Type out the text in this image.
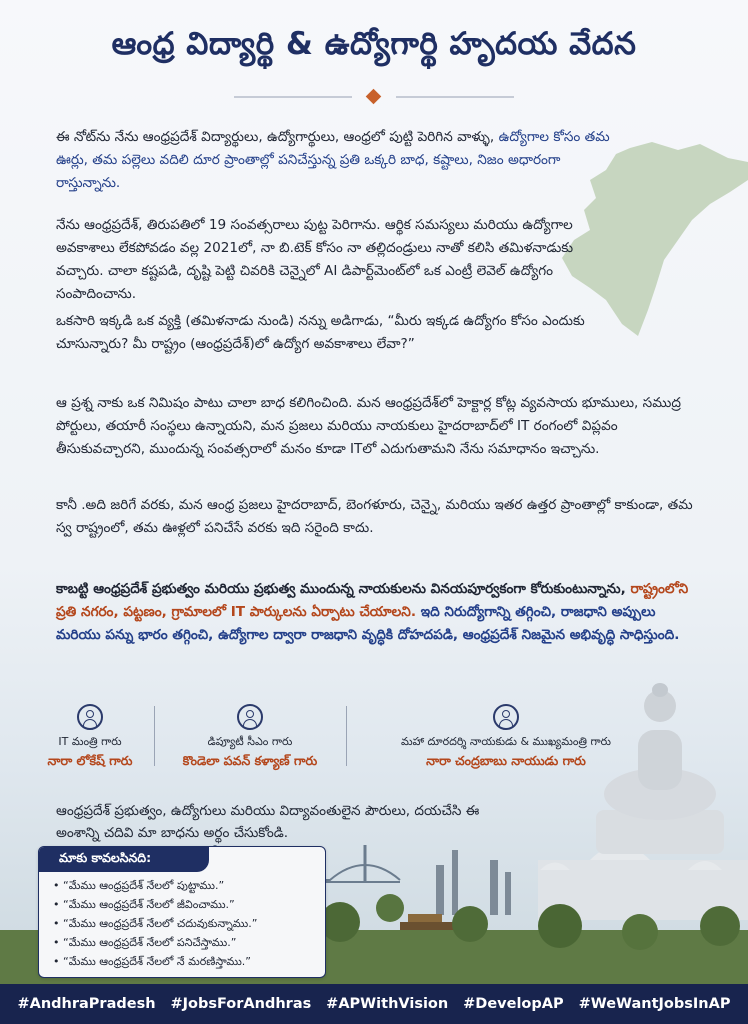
ఆంధ్ర విద్యార్థి & ఉద్యోగార్థి హృదయ వేదన

ఈ నోట్‌ను నేను ఆంధ్రప్రదేశ్ విద్యార్థులు, ఉద్యోగార్థులు, ఆంధ్రలో పుట్టి పెరిగిన వాళ్ళు, ఉద్యోగాల కోసం తమ ఊర్లు, తమ పల్లెలు వదిలి దూర ప్రాంతాల్లో పనిచేస్తున్న ప్రతి ఒక్కరి బాధ, కష్టాలు, నిజం అధారంగా రాస్తున్నాను.

నేను ఆంధ్రప్రదేశ్, తిరుపతిలో 19 సంవత్సరాలు పుట్ట పెరిగాను. ఆర్థిక సమస్యలు మరియు ఉద్యోగాల అవకాశాలు లేకపోవడం వల్ల 2021లో, నా బి.టెక్ కోసం నా తల్లిదండ్రులు నాతో కలిసి తమిళనాడుకు వచ్చారు. చాలా కష్టపడి, దృష్టి పెట్టి చివరికి చెన్నైలో AI డిపార్ట్‌మెంట్‌లో ఒక ఎంట్రీ లెవెల్ ఉద్యోగం సంపాదించాను.

ఒకసారి ఇక్కడి ఒక వ్యక్తి (తమిళనాడు నుండి) నన్ను అడిగాడు, “మీరు ఇక్కడ ఉద్యోగం కోసం ఎందుకు చూసున్నారు? మీ రాష్ట్రం (ఆంధ్రప్రదేశ్)లో ఉద్యోగ అవకాశాలు లేవా?”

ఆ ప్రశ్న నాకు ఒక నిమిషం పాటు చాలా బాధ కలిగించింది. మన ఆంధ్రప్రదేశ్‌లో హెక్టార్ల కోట్ల వ్యవసాయ భూములు, సముద్ర పోర్టులు, తయారీ సంస్థలు ఉన్నాయని, మన ప్రజలు మరియు నాయకులు హైదరాబాద్‌లో IT రంగంలో విప్లవం తీసుకువచ్చారని, ముందున్న సంవత్సరాలో మనం కూడా ITలో ఎదుగుతామని నేను సమాధానం ఇచ్చాను.

కానీ .అది జరిగే వరకు, మన ఆంధ్ర ప్రజలు హైదరాబాద్, బెంగళూరు, చెన్నై, మరియు ఇతర ఉత్తర ప్రాంతాల్లో కాకుండా, తమ స్వ రాష్ట్రంలో, తమ ఊళ్లలో పనిచేసే వరకు ఇది సరైంది కాదు.

కాబట్టి ఆంధ్రప్రదేశ్ ప్రభుత్వం మరియు ప్రభుత్వ ముందున్న నాయకులను వినయపూర్వకంగా కోరుకుంటున్నాను, రాష్ట్రంలోని ప్రతి నగరం, పట్టణం, గ్రామాలలో IT పార్కులను ఏర్పాటు చేయాలని. ఇది నిరుద్యోగాన్ని తగ్గించి, రాజధాని అప్పులు మరియు పన్ను భారం తగ్గించి, ఉద్యోగాల ద్వారా రాజధాని వృద్ధికి దోహదపడి, ఆంధ్రప్రదేశ్ నిజమైన అభివృద్ధి సాధిస్తుంది.

IT మంత్రి గారు
నారా లోకేష్ గారు
డిప్యూటీ సీఎం గారు
కొండెలా పవన్ కళ్యాణ్ గారు
మహా దూరదర్శి నాయకుడు & ముఖ్యమంత్రి గారు
నారా చంద్రబాబు నాయుడు గారు

ఆంధ్రప్రదేశ్ ప్రభుత్వం, ఉద్యోగులు మరియు విద్యావంతులైన పౌరులు, దయచేసి ఈ అంశాన్ని చదివి మా బాధను అర్థం చేసుకోండి.

మాకు కావలసినది:
• “మేము ఆంధ్రప్రదేశ్ నేలలో పుట్టాము.”
• “మేము ఆంధ్రప్రదేశ్ నేలలో జీవించాము.”
• “మేము ఆంధ్రప్రదేశ్ నేలలో చదువుకున్నాము.”
• “మేము ఆంధ్రప్రదేశ్ నేలలో పనిచేస్తాము.”
• “మేము ఆంధ్రప్రదేశ్ నేలలో నే మరణిస్తాము.”
#AndhraPradesh #JobsForAndhras #APWithVision #DevelopAP #WeWantJobsInAP
